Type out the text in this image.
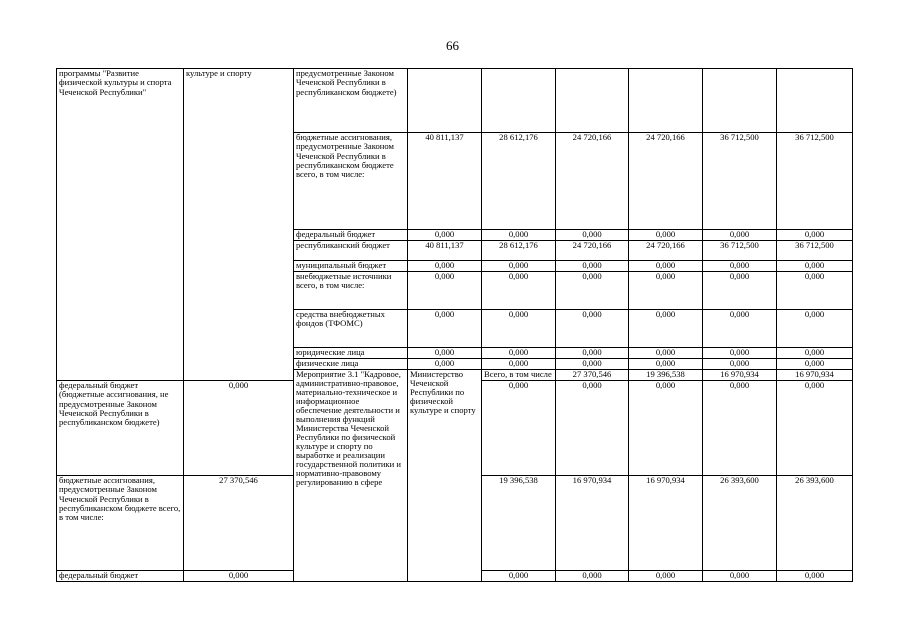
66
программы "Развитие физической культуры и спорта Чеченской Республики"	культуре и спорту	предусмотренные Законом Чеченской Республики в республиканском бюджете)							
		бюджетные ассигнования, предусмотренные Законом Чеченской Республики в республиканском бюджете всего, в том числе:	40 811,137	28 612,176	24 720,166	24 720,166	36 712,500	36 712,500	
		федеральный бюджет	0,000	0,000	0,000	0,000	0,000	0,000	
		республиканский бюджет	40 811,137	28 612,176	24 720,166	24 720,166	36 712,500	36 712,500	
		муниципальный бюджет	0,000	0,000	0,000	0,000	0,000	0,000	
		внебюджетные источники всего, в том числе:	0,000	0,000	0,000	0,000	0,000	0,000	
		средства внебюджетных фондов (ТФОМС)	0,000	0,000	0,000	0,000	0,000	0,000	
		юридические лица	0,000	0,000	0,000	0,000	0,000	0,000	
		физические лица	0,000	0,000	0,000	0,000	0,000	0,000	
		Мероприятие 3.1 "Кадровое, административно-правовое, материально-техническое и информационное обеспечение деятельности и выполнения функций Министерства Чеченской Республики по физической культуре и спорту по выработке и реализации государственной политики и нормативно-правовому регулированию в сфере	Министерство Чеченской Республики по физической культуре и спорту	Всего, в том числе	27 370,546	19 396,538	16 970,934	16 970,934		
федеральный бюджет (бюджетные ассигнования, не предусмотренные Законом Чеченской Республики в республиканском бюджете)	0,000			0,000	0,000	0,000	0,000	0,000	
бюджетные ассигнования, предусмотренные Законом Чеченской Республики в республиканском бюджете всего, в том числе:	27 370,546			19 396,538	16 970,934	16 970,934	26 393,600	26 393,600	
федеральный бюджет	0,000			0,000	0,000	0,000	0,000	0,000	
